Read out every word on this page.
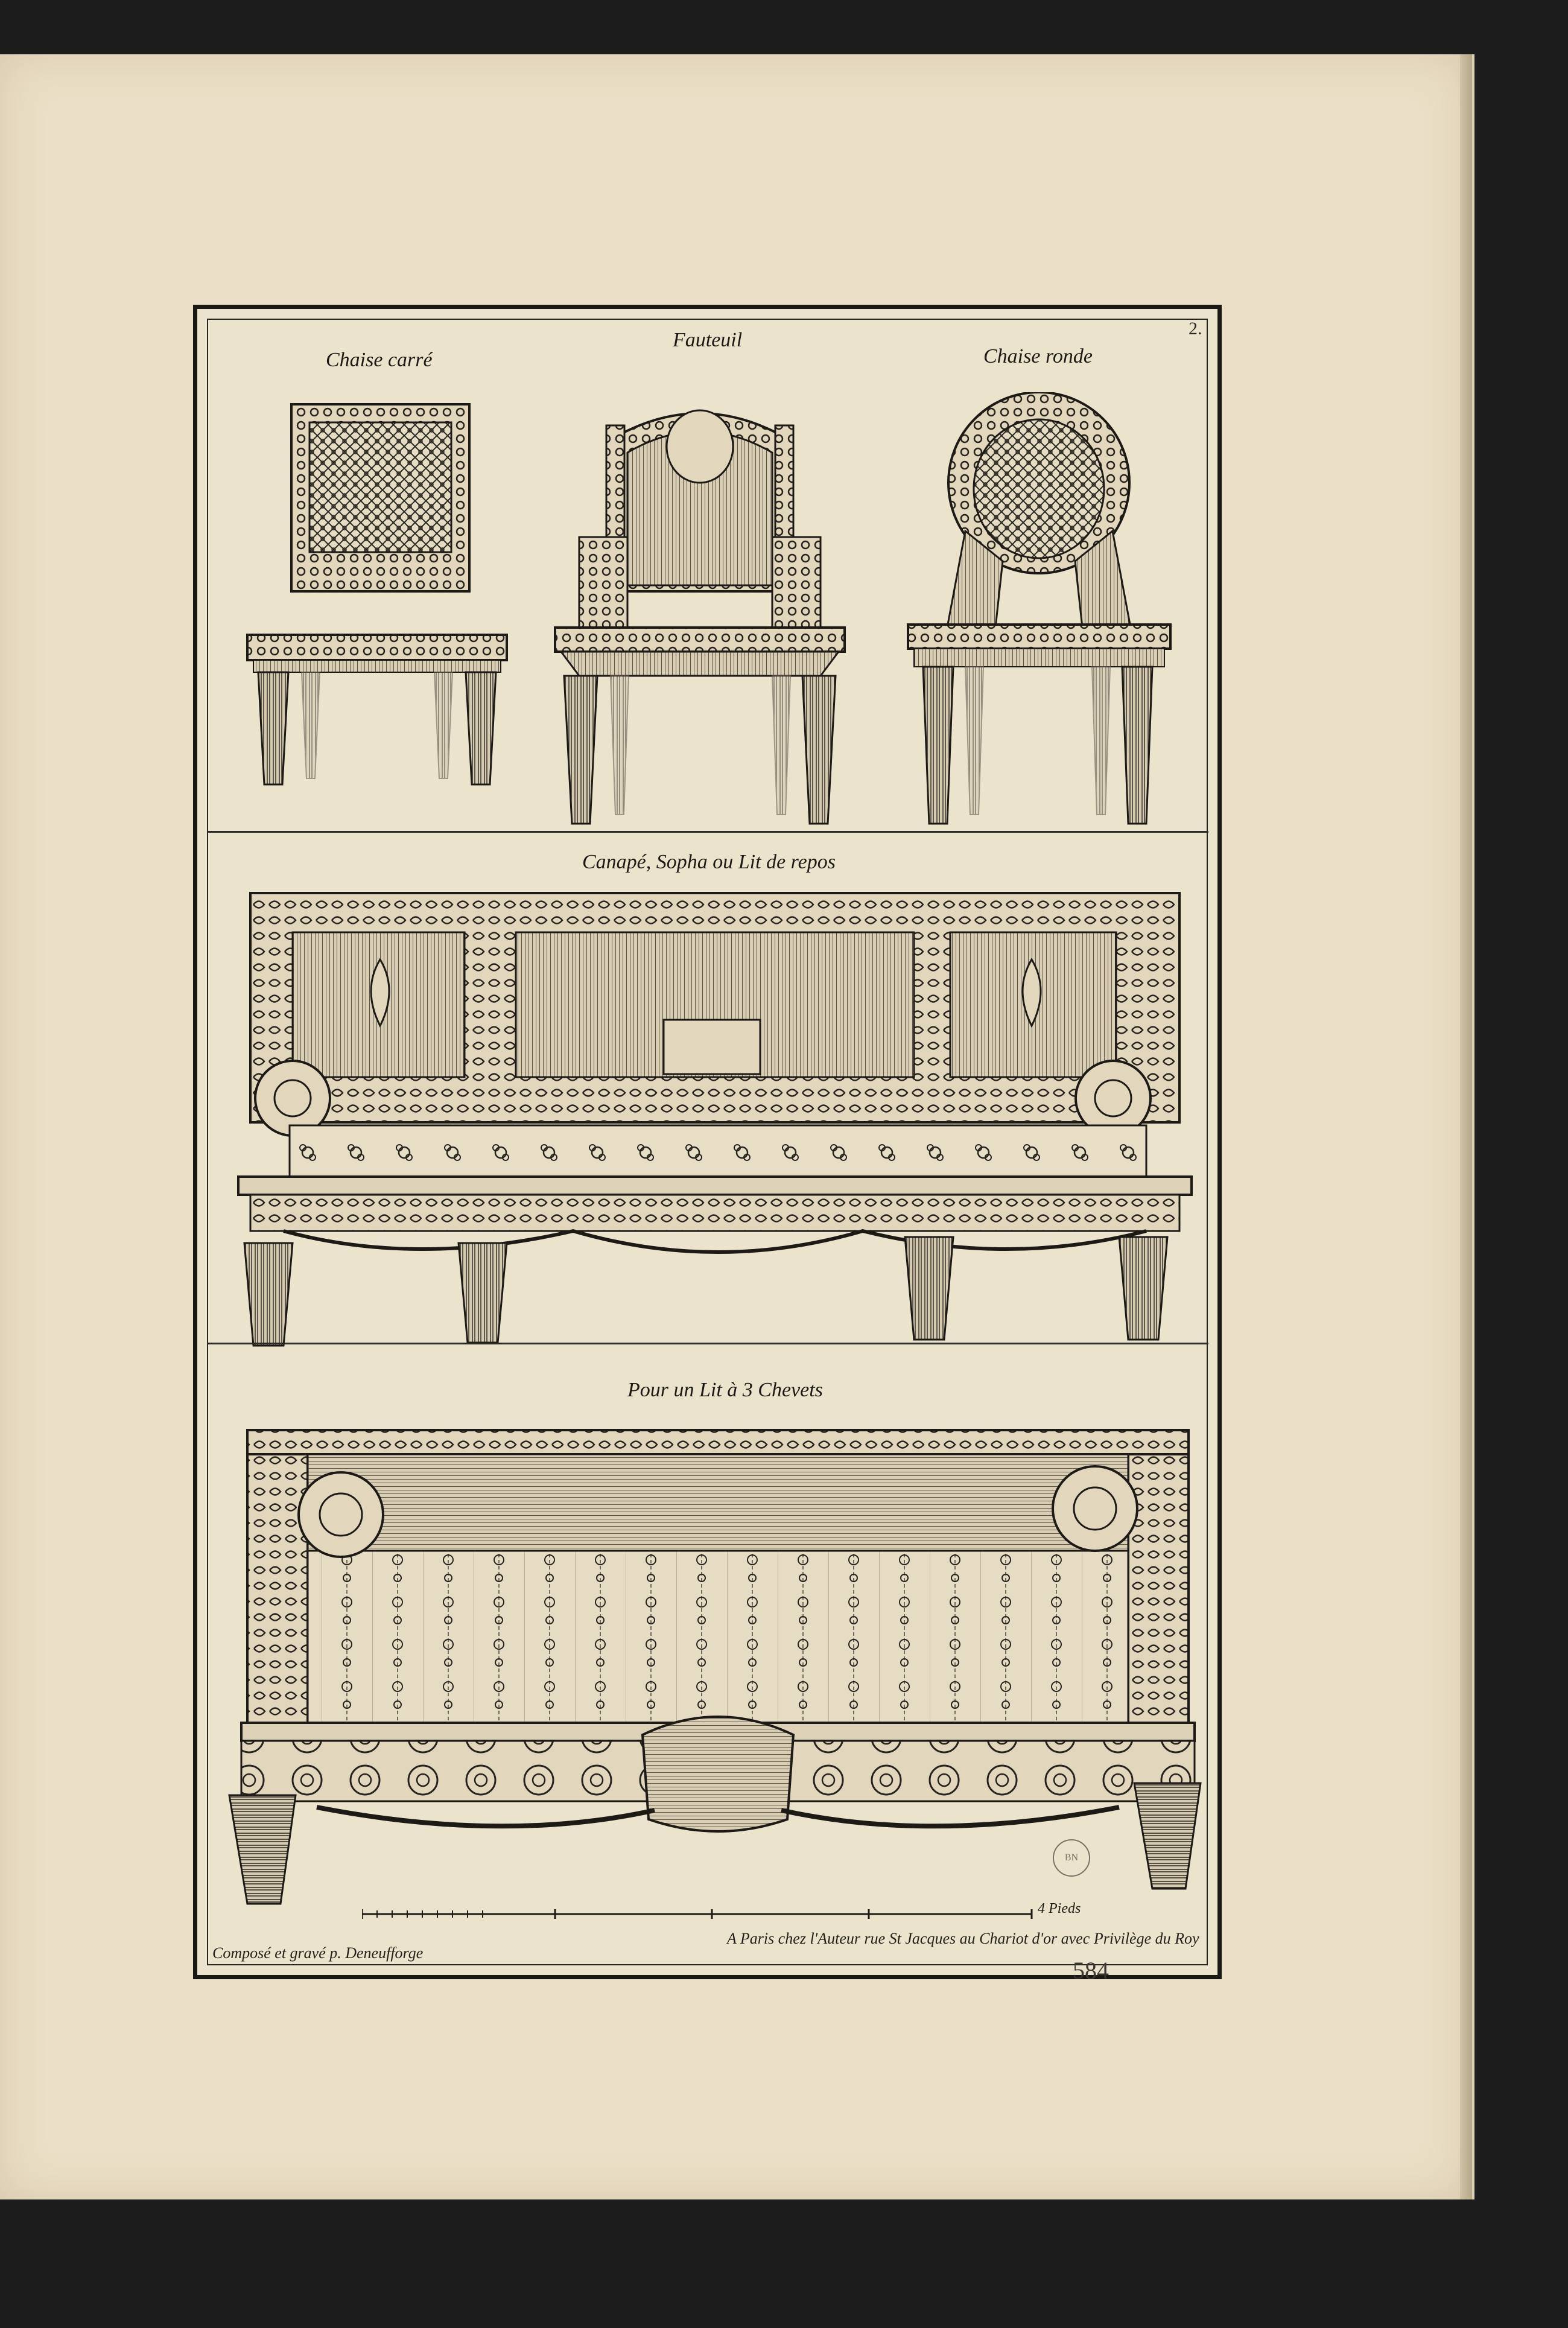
2.
Chaise carré
Fauteuil
Chaise ronde
Canapé, Sopha ou Lit de repos
Pour un Lit à 3 Chevets
4 Pieds
Composé et gravé p. Deneufforge
A Paris chez l'Auteur rue St Jacques au Chariot d'or avec Privilège du Roy
BN
584
